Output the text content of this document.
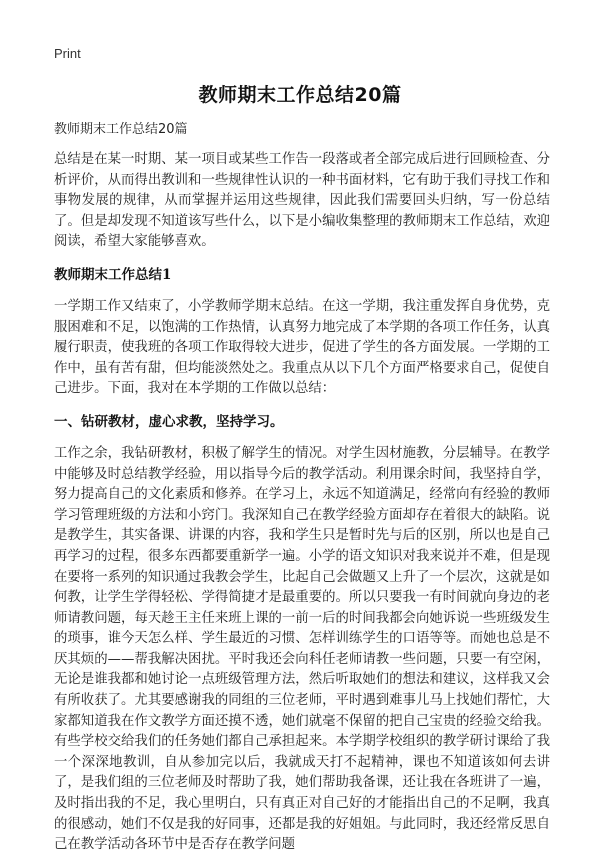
Print
教师期末工作总结20篇

教师期末工作总结20篇

总结是在某一时期、某一项目或某些工作告一段落或者全部完成后进行回顾检查、分析评价，从而得出教训和一些规律性认识的一种书面材料，它有助于我们寻找工作和事物发展的规律，从而掌握并运用这些规律，因此我们需要回头归纳，写一份总结了。但是却发现不知道该写些什么，以下是小编收集整理的教师期末工作总结，欢迎阅读，希望大家能够喜欢。

教师期末工作总结1

一学期工作又结束了，小学教师学期末总结。在这一学期，我注重发挥自身优势，克服困难和不足，以饱满的工作热情，认真努力地完成了本学期的各项工作任务，认真履行职责，使我班的各项工作取得较大进步，促进了学生的各方面发展。一学期的工作中，虽有苦有甜，但均能淡然处之。我重点从以下几个方面严格要求自己，促使自己进步。下面，我对在本学期的工作做以总结：

一、钻研教材，虚心求教，坚持学习。

工作之余，我钻研教材，积极了解学生的情况。对学生因材施教，分层辅导。在教学中能够及时总结教学经验，用以指导今后的教学活动。利用课余时间，我坚持自学，努力提高自己的文化素质和修养。在学习上，永远不知道满足，经常向有经验的教师学习管理班级的方法和小窍门。我深知自己在教学经验方面却存在着很大的缺陷。说是教学生，其实备课、讲课的内容，我和学生只是暂时先与后的区别，所以也是自己再学习的过程，很多东西都要重新学一遍。小学的语文知识对我来说并不难，但是现在要将一系列的知识通过我教会学生，比起自己会做题又上升了一个层次，这就是如何教，让学生学得轻松、学得简捷才是最重要的。所以只要我一有时间就向身边的老师请教问题，每天趁王主任来班上课的一前一后的时间我都会向她诉说一些班级发生的琐事，谁今天怎么样、学生最近的习惯、怎样训练学生的口语等等。而她也总是不厌其烦的——帮我解决困扰。平时我还会向科任老师请教一些问题，只要一有空闲，无论是谁我都和她讨论一点班级管理方法，然后听取她们的想法和建议，这样我又会有所收获了。尤其要感谢我的同组的三位老师，平时遇到难事儿马上找她们帮忙，大家都知道我在作文教学方面还摸不透，她们就毫不保留的把自己宝贵的经验交给我。有些学校交给我们的任务她们都自己承担起来。本学期学校组织的教学研讨课给了我一个深深地教训，自从参加完以后，我就成天打不起精神，课也不知道该如何去讲了，是我们组的三位老师及时帮助了我，她们帮助我备课，还让我在各班讲了一遍，及时指出我的不足，我心里明白，只有真正对自己好的才能指出自己的不足啊，我真的很感动，她们不仅是我的好同事，还都是我的好姐姐。与此同时，我还经常反思自己在教学活动各环节中是否存在教学问题
